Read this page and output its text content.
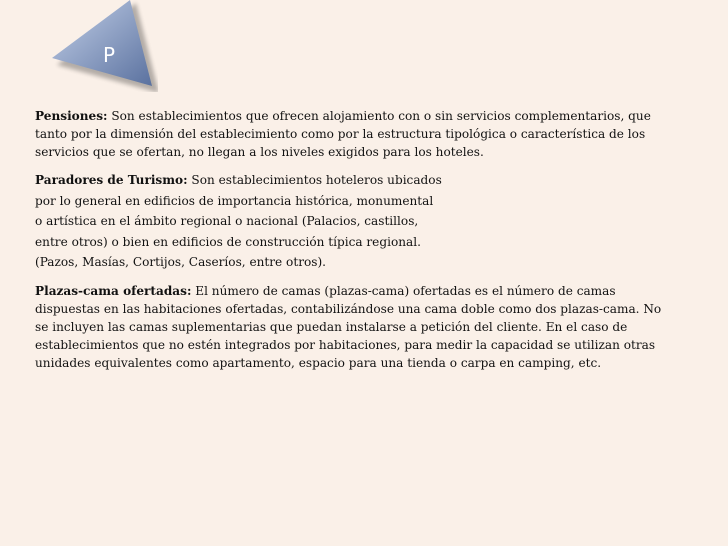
P

Pensiones: Son establecimientos que ofrecen alojamiento con o sin servicios complementarios, que
tanto por la dimensión del establecimiento como por la estructura tipológica o característica de los
servicios que se ofertan, no llegan a los niveles exigidos para los hoteles.

Paradores de Turismo: Son establecimientos hoteleros ubicados
por lo general en edificios de importancia histórica, monumental
o artística en el ámbito regional o nacional (Palacios, castillos,
entre otros) o bien en edificios de construcción típica regional.
(Pazos, Masías, Cortijos, Caseríos, entre otros).

Plazas-cama ofertadas: El número de camas (plazas-cama) ofertadas es el número de camas
dispuestas en las habitaciones ofertadas, contabilizándose una cama doble como dos plazas-cama. No
se incluyen las camas suplementarias que puedan instalarse a petición del cliente. En el caso de
establecimientos que no estén integrados por habitaciones, para medir la capacidad se utilizan otras
unidades equivalentes como apartamento, espacio para una tienda o carpa en camping, etc.
